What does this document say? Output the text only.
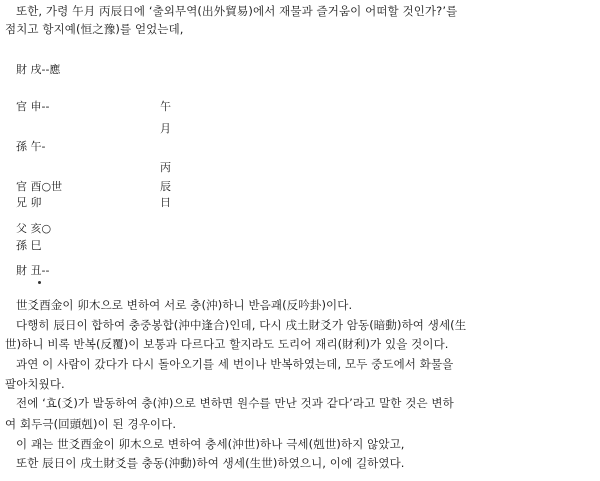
또한, 가령 午月 丙辰日에 ‘출외무역(出外貿易)에서 재물과 즐거움이 어떠할 것인가?’를
점치고 항지예(恒之豫)를 얻었는데,
財 戌--應
官 申--
孫 午-
官 酉○世
兄 卯
父 亥○
孫 巳
財 丑--
午
月
丙
辰
日
世爻酉金이 卯木으로 변하여 서로 충(沖)하니 반음괘(反吟卦)이다.
다행히 辰日이 합하여 충중봉합(沖中逢合)인데, 다시 戌土財爻가 암동(暗動)하여 생세(生
世)하니 비록 반복(反覆)이 보통과 다르다고 할지라도 도리어 재리(財利)가 있을 것이다.
과연 이 사람이 갔다가 다시 돌아오기를 세 번이나 반복하였는데, 모두 중도에서 화물을
팔아치웠다.
전에 ‘효(爻)가 발동하여 충(沖)으로 변하면 원수를 만난 것과 같다’라고 말한 것은 변하
여 회두극(回頭剋)이 된 경우이다.
이 괘는 世爻酉金이 卯木으로 변하여 충세(沖世)하나 극세(剋世)하지 않았고,
또한 辰日이 戌土財爻를 충동(沖動)하여 생세(生世)하였으니, 이에 길하였다.
